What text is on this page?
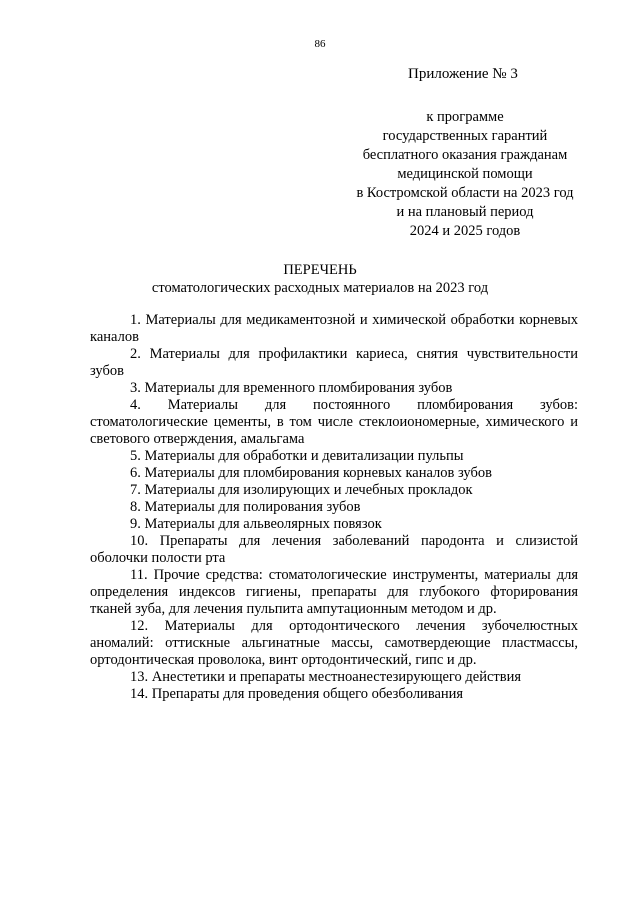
86
Приложение № 3
к программе
государственных гарантий
бесплатного оказания гражданам
медицинской помощи
в Костромской области на 2023 год
и на плановый период
2024 и 2025 годов
ПЕРЕЧЕНЬ
стоматологических расходных материалов на 2023 год

1. Материалы для медикаментозной и химической обработки корневых каналов

2. Материалы для профилактики кариеса, снятия чувствительности зубов

3. Материалы для временного пломбирования зубов

4. Материалы для постоянного пломбирования зубов: стоматологические цементы, в том числе стеклоиономерные, химического и светового отверждения, амальгама

5. Материалы для обработки и девитализации пульпы

6. Материалы для пломбирования корневых каналов зубов

7. Материалы для изолирующих и лечебных прокладок

8. Материалы для полирования зубов

9. Материалы для альвеолярных повязок

10. Препараты для лечения заболеваний пародонта и слизистой оболочки полости рта

11. Прочие средства: стоматологические инструменты, материалы для определения индексов гигиены, препараты для глубокого фторирования тканей зуба, для лечения пульпита ампутационным методом и др.

12. Материалы для ортодонтического лечения зубочелюстных аномалий: оттискные альгинатные массы, самотвердеющие пластмассы, ортодонтическая проволока, винт ортодонтический, гипс и др.

13. Анестетики и препараты местноанестезирующего действия

14. Препараты для проведения общего обезболивания
